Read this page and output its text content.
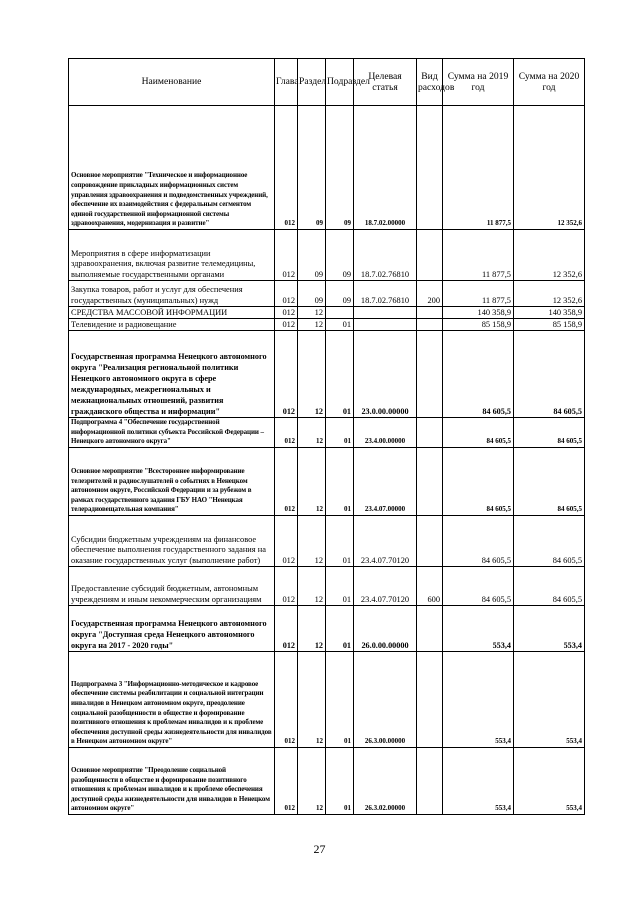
Наименование	Глава	Раздел	Подраздел	Целевая статья	Вид расходов	Сумма на 2019 год	Сумма на 2020 год
Основное мероприятие "Техническое и информационное сопровождение прикладных информационных систем управления здравоохранения и подведомственных учреждений, обеспечение их взаимодействия с федеральным сегментом единой государственной информационной системы здравоохранения, модернизация и развитие"	012	09	09	18.7.02.00000		11 877,5	12 352,6
Мероприятия в сфере информатизации здравоохранения, включая развитие телемедицины, выполняемые государственными органами	012	09	09	18.7.02.76810		11 877,5	12 352,6
Закупка товаров, работ и услуг для обеспечения государственных (муниципальных) нужд	012	09	09	18.7.02.76810	200	11 877,5	12 352,6
СРЕДСТВА МАССОВОЙ ИНФОРМАЦИИ	012	12				140 358,9	140 358,9
Телевидение и радиовещание	012	12	01			85 158,9	85 158,9
Государственная программа Ненецкого автономного округа "Реализация региональной политики Ненецкого автономного округа в сфере международных, межрегиональных и межнациональных отношений, развития гражданского общества и информации"	012	12	01	23.0.00.00000		84 605,5	84 605,5
Подпрограмма 4 "Обеспечение государственной информационной политики субъекта Российской Федерации – Ненецкого автономного округа"	012	12	01	23.4.00.00000		84 605,5	84 605,5
Основное мероприятие "Всестороннее информирование телезрителей и радиослушателей о событиях в Ненецком автономном округе, Российской Федерации и за рубежом в рамках государственного задания ГБУ НАО "Ненецкая телерадиовещательная компания"	012	12	01	23.4.07.00000		84 605,5	84 605,5
Субсидии бюджетным учреждениям на финансовое обеспечение выполнения государственного задания на оказание государственных услуг (выполнение работ)	012	12	01	23.4.07.70120		84 605,5	84 605,5
Предоставление субсидий бюджетным, автономным учреждениям и иным некоммерческим организациям	012	12	01	23.4.07.70120	600	84 605,5	84 605,5
Государственная программа Ненецкого автономного округа "Доступная среда Ненецкого автономного округа на 2017 - 2020 годы"	012	12	01	26.0.00.00000		553,4	553,4
Подпрограмма 3 "Информационно-методическое и кадровое обеспечение системы реабилитации и социальной интеграции инвалидов в Ненецком автономном округе, преодоление социальной разобщенности в обществе и формирование позитивного отношения к проблемам инвалидов и к проблеме обеспечения доступной среды жизнедеятельности для инвалидов в Ненецком автономном округе"	012	12	01	26.3.00.00000		553,4	553,4
Основное мероприятие "Преодоление социальной разобщенности в обществе и формирование позитивного отношения к проблемам инвалидов и к проблеме обеспечения доступной среды жизнедеятельности для инвалидов в Ненецком автономном округе"	012	12	01	26.3.02.00000		553,4	553,4
27
